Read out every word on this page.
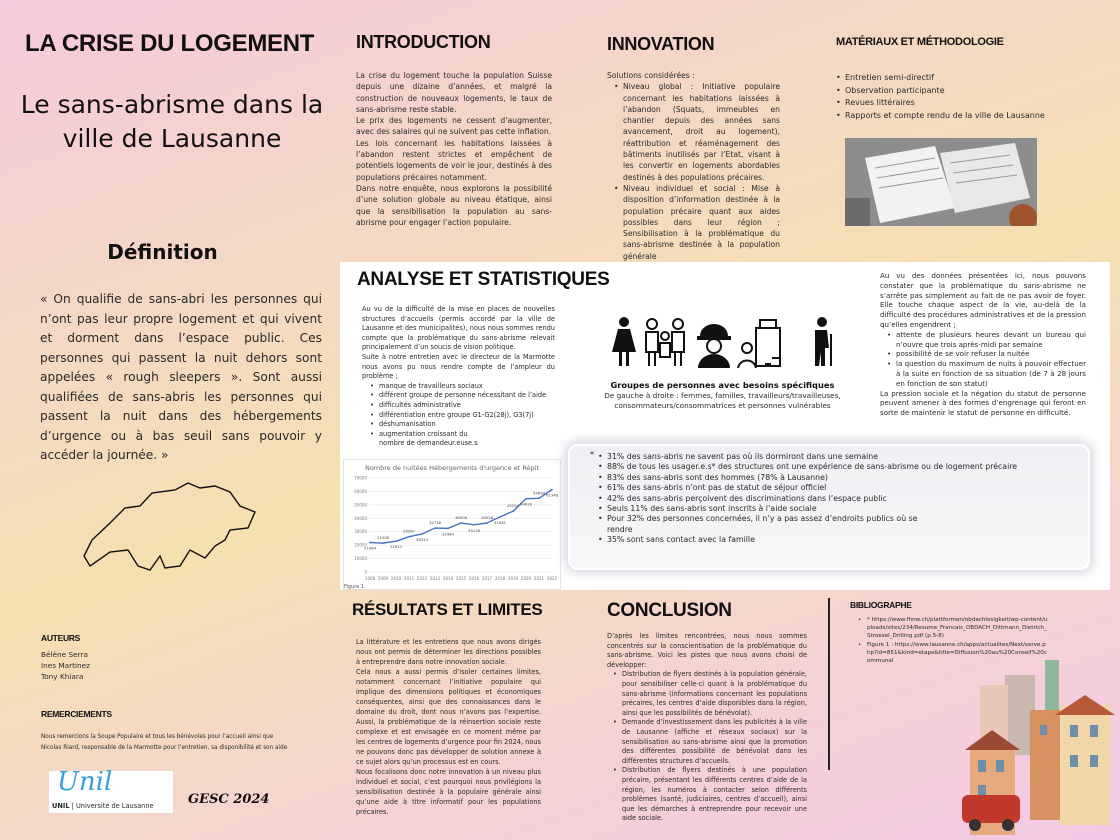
LA CRISE DU LOGEMENT
Le sans-abrisme dans la ville de Lausanne
Définition
« On qualifie de sans-abri les personnes qui n’ont pas leur propre logement et qui vivent et dorment dans l’espace public. Ces personnes qui passent la nuit dehors sont appelées « rough sleepers ». Sont aussi qualifiées de sans-abris les personnes qui passent la nuit dans des hébergements d’urgence ou à bas seuil sans pouvoir y accéder la journée. »
INTRODUCTION

La crise du logement touche la population Suisse depuis une dizaine d’années, et malgré la construction de nouveaux logements, le taux de sans-abrisme reste stable.

Le prix des logements ne cessent d’augmenter, avec des salaires qui ne suivent pas cette inflation.

Les lois concernant les habitations laissées à l’abandon restent strictes et empêchent de potentiels logements de voir le jour, destinés à des populations précaires notamment.

Dans notre enquête, nous explorons la possibilité d’une solution globale au niveau étatique, ainsi que la sensibilisation la population au sans-abrisme pour engager l’action populaire.

INNOVATION

Solutions considérées :

• Niveau global : Initiative populaire concernant les habitations laissées à l’abandon (Squats, immeubles en chantier depuis des années sans avancement, droit au logement), réattribution et réaménagement des bâtiments inutilisés par l’Etat, visant à les convertir en logements abordables destinés à des populations précaires.
• Niveau individuel et social : Mise à disposition d’information destinée à la population précaire quant aux aides possibles dans leur région ; Sensibilisation à la problématique du sans-abrisme destinée à la population générale
MATÉRIAUX ET MÉTHODOLOGIE
• Entretien semi-directif
• Observation participante
• Revues littéraires
• Rapports et compte rendu de la ville de Lausanne
ANALYSE ET STATISTIQUES

Au vu de la difficulté de la mise en places de nouvelles structures d’accueils (permis accordé par la ville de Lausanne et des municipalités), nous nous sommes rendu compte que la problématique du sans-abrisme relevait principalement d’un soucis de vision politique.

Suite à notre entretien avec le directeur de la Marmotte nous avons pu nous rendre compte de l’ampleur du problème ;

• manque de travailleurs sociaux
• différent groupe de personne nécessitant de l’aide
• difficultés administrative
• différentiation entre groupe G1-G2(28j), G3(7j)
• déshumanisation
• augmentation croissant du nombre de demandeur.euse.s
Nombre de nuitées Hébergements d'urgence et Répit
0
10000
20000
30000
40000
50000
60000
70000
2008 2009 2010 2011 2012 2013 2014 2015 2016 2017 2018 2019 2020 2021 2022
21964
21508
22914
26267
28314
32748
32484
36508
35128
36526
41081
45254 54618
54890 61348
Figure 1
Groupes de personnes avec besoins spécifiques
De gauche à droite : femmes, familles, travailleurs/travailleuses, consommateurs/consommatrices et personnes vulnérables

Au vu des données présentées ici, nous pouvons constater que la problématique du sans-abrisme ne s’arrête pas simplement au fait de ne pas avoir de foyer. Elle touche chaque aspect de la vie, au-delà de la difficulté des procédures administratives et de la pression qu’elles engendrent ;

• attente de plusieurs heures devant un bureau qui n’ouvre que trois après-midi par semaine
• possibilité de se voir refuser la nuitée
• la question du maximum de nuits à pouvoir effectuer à la suite en fonction de sa situation (de 7 à 28 jours en fonction de son statut)

La pression sociale et la négation du statut de personne peuvent amener à des formes d’engrenage qui feront en sorte de maintenir le statut de personne en difficulté.

*	• 31% des sans-abris ne savent pas où ils dormiront dans une semaine
• 88% de tous les usager.e.s* des structures ont une expérience de sans-abrisme ou de logement précaire
• 83% des sans-abris sont des hommes (78% à Lausanne)
• 61% des sans-abris n’ont pas de statut de séjour officiel
• 42% des sans-abris perçoivent des discriminations dans l’espace public
• Seuls 11% des sans-abris sont inscrits à l’aide sociale
• Pour 32% des personnes concernées, il n’y a pas assez d’endroits publics où se rendre
• 35% sont sans contact avec la famille
RÉSULTATS ET LIMITES

La littérature et les entretiens que nous avons dirigés nous ont permis de déterminer les directions possibles à entreprendre dans notre innovation sociale.

Cela nous a aussi permis d’isoler certaines limites, notamment concernant l’initiative populaire qui implique des dimensions politiques et économiques conséquentes, ainsi que des connaissances dans le domaine du droit, dont nous n’avons pas l’expertise. Aussi, la problématique de la réinsertion sociale reste complexe et est envisagée en ce moment même par les centres de logements d’urgence pour fin 2024, nous ne pouvons donc pas développer de solution annexe à ce sujet alors qu’un processus est en cours.

Nous focalisons donc notre innovation à un niveau plus individuel et social, c’est pourquoi nous privilégions la sensibilisation destinée à la populaire générale ainsi qu’une aide à titre informatif pour les populations précaires.

CONCLUSION

D’après les limites rencontrées, nous nous sommes concentrés sur la conscientisation de la problématique du sans-abrisme. Voici les pistes que nous avons choisi de développer:

• Distribution de flyers destinés à la population générale, pour sensibiliser celle-ci quant à la problématique du sans-abrisme (informations concernant les populations précaires, les centres d’aide disponibles dans la région, ainsi que les possibilités de bénévolat).
• Demande d’investissement dans les publicités à la ville de Lausanne (affiche et réseaux sociaux) sur la sensibilisation au sans-abrisme ainsi que la promotion des différentes possibilité de bénévolat dans les différentes structures d’accueils.
• Distribution de flyers destinés à une population précaire, présentant les différents centres d’aide de la région, les numéros à contacter selon différents problèmes (santé, judiciaires, centres d’accueil), ainsi que les démarches à entreprendre pour recevoir une aide sociale.
BIBLIOGRAPHE
• * https://www.fhnw.ch/plattformen/obdachlosigkeit/wp-content/uploads/sites/234/Resume_Francais_OBDACH_Dittmann_Dietrich_Stroezel_Drilling.pdf (p.5-8)
• Figure 1 : https://www.lausanne.ch/apps/actualites/Next/serve.php?id=851&kind=etape&title=Diffusion%20au%20Conseil%20communal
AUTEURS
Bélène Serra
Ines Martinez
Tony Khiara
REMERCIEMENTS
Nous remercions la Soupe Populaire et tous les bénévoles pour l’accueil ainsi que Nicolas Riard, responsable de la Marmotte pour l’entretien, sa disponibilité et son aide
Unil
UNIL | Université de Lausanne	GESC 2024
